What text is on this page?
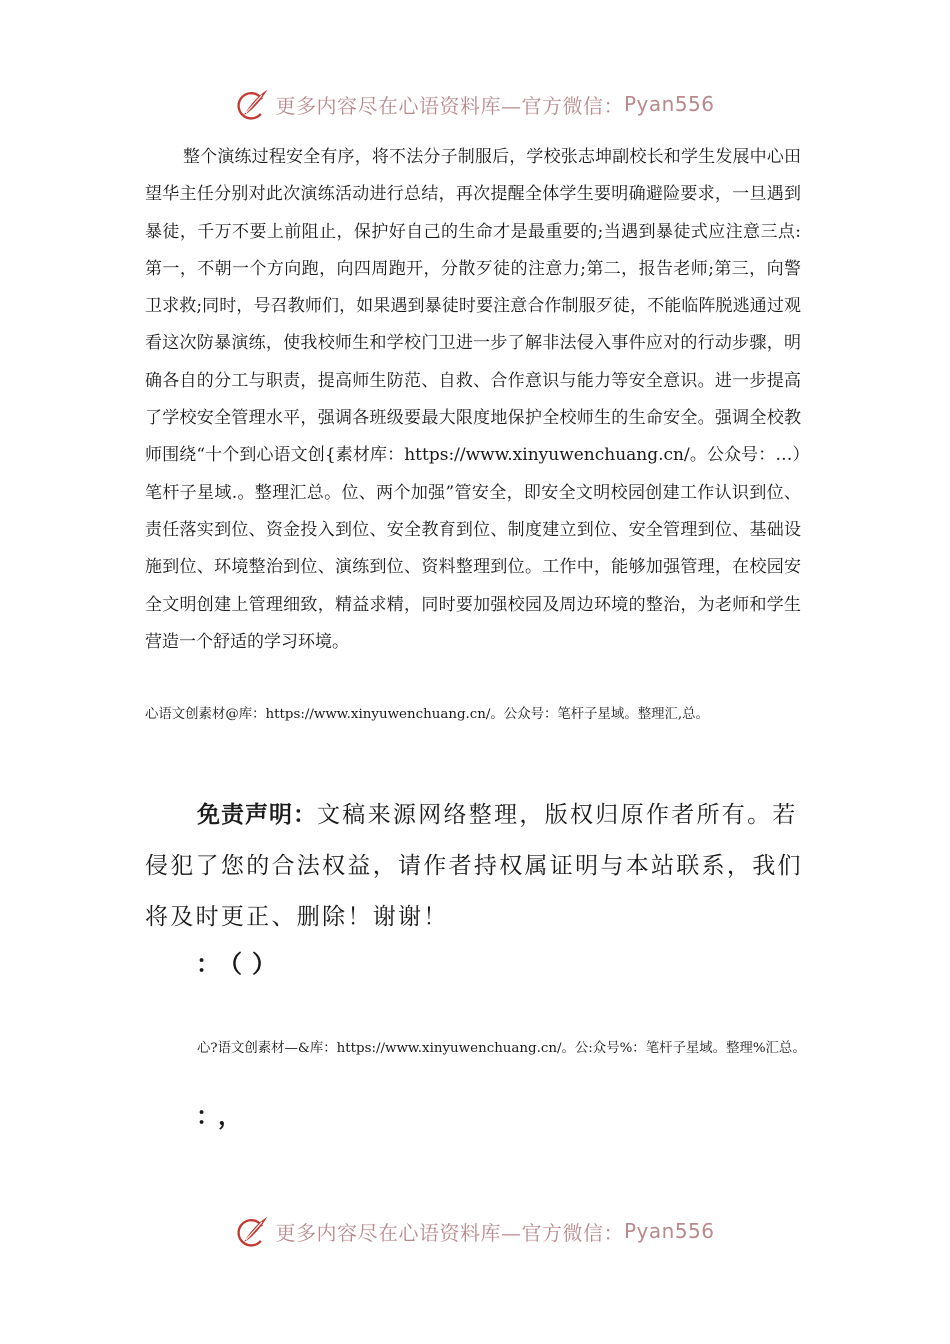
更多内容尽在心语资料库—官方微信： Pyan556
整个演练过程安全有序，将不法分子制服后，学校张志坤副校长和学生发展中心田望华主任分别对此次演练活动进行总结，再次提醒全体学生要明确避险要求，一旦遇到暴徒，千万不要上前阻止，保护好自己的生命才是最重要的;当遇到暴徒式应注意三点:第一，不朝一个方向跑，向四周跑开，分散歹徒的注意力;第二，报告老师;第三，向警卫求救;同时，号召教师们，如果遇到暴徒时要注意合作制服歹徒，不能临阵脱逃通过观看这次防暴演练，使我校师生和学校门卫进一步了解非法侵入事件应对的行动步骤，明确各自的分工与职责，提高师生防范、自救、合作意识与能力等安全意识。进一步提高了学校安全管理水平，强调各班级要最大限度地保护全校师生的生命安全。强调全校教师围绕“十个到心语文创{素材库：https://www.xinyuwenchuang.cn/。公众号：…）笔杆子星域.。整理汇总。位、两个加强”管安全，即安全文明校园创建工作认识到位、责任落实到位、资金投入到位、安全教育到位、制度建立到位、安全管理到位、基础设施到位、环境整治到位、演练到位、资料整理到位。工作中，能够加强管理，在校园安全文明创建上管理细致，精益求精，同时要加强校园及周边环境的整治，为老师和学生营造一个舒适的学习环境。
心语文创素材@库：https://www.xinyuwenchuang.cn/。公众号：笔杆子星域。整理汇,总。
免责声明：文稿来源网络整理，版权归原作者所有。若侵犯了您的合法权益，请作者持权属证明与本站联系，我们将及时更正、删除！谢谢！
：（）
心?语文创素材—&库：https://www.xinyuwenchuang.cn/。公:众号%：笔杆子星域。整理%汇总。
：，
更多内容尽在心语资料库—官方微信： Pyan556
